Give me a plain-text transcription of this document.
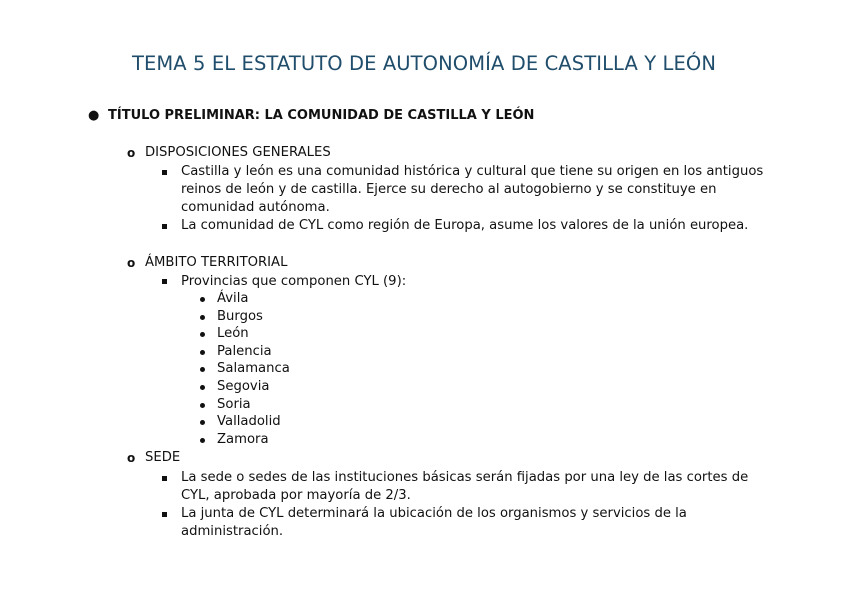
TEMA 5 EL ESTATUTO DE AUTONOMÍA DE CASTILLA Y LEÓN
● TÍTULO PRELIMINAR: LA COMUNIDAD DE CASTILLA Y LEÓN
o DISPOSICIONES GENERALES
Castilla y león es una comunidad histórica y cultural que tiene su origen en los antiguos
reinos de león y de castilla. Ejerce su derecho al autogobierno y se constituye en
comunidad autónoma.
La comunidad de CYL como región de Europa, asume los valores de la unión europea.
o ÁMBITO TERRITORIAL
Provincias que componen CYL (9):
Ávila
Burgos
León
Palencia
Salamanca
Segovia
Soria
Valladolid
Zamora
o SEDE
La sede o sedes de las instituciones básicas serán fijadas por una ley de las cortes de
CYL, aprobada por mayoría de 2/3.
La junta de CYL determinará la ubicación de los organismos y servicios de la
administración.
